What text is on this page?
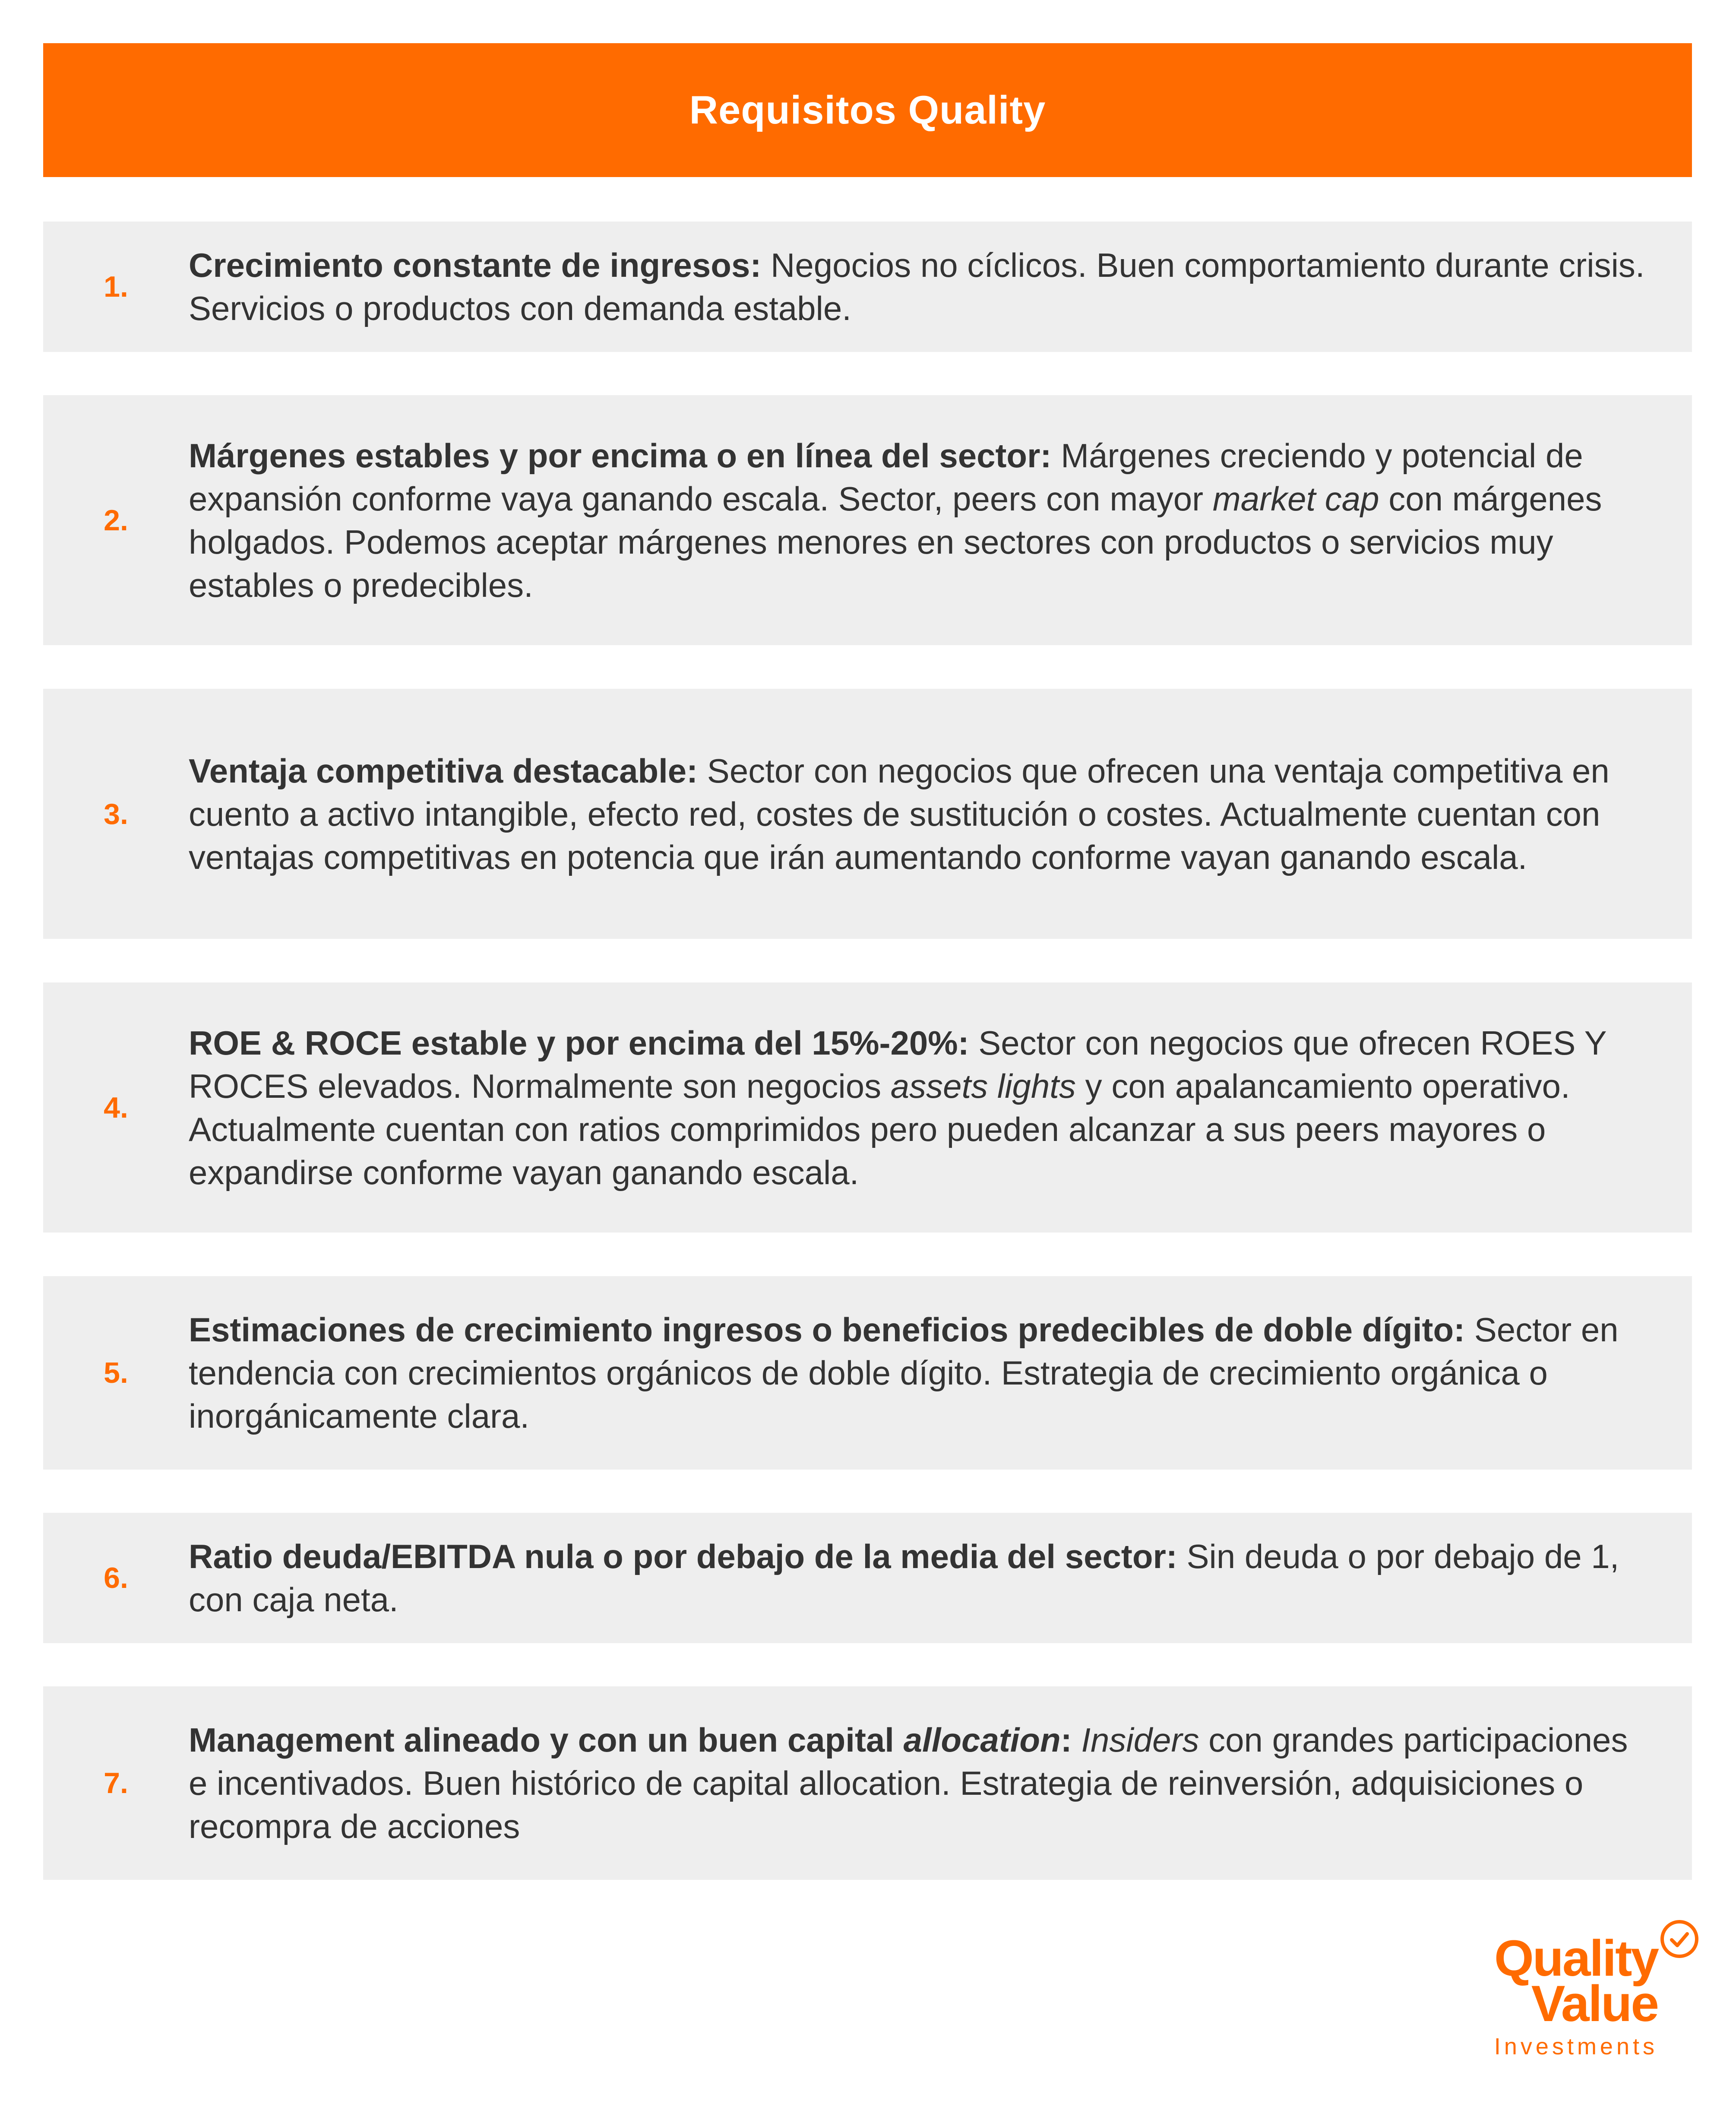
Requisitos Quality
1.
Crecimiento constante de ingresos: Negocios no cíclicos. Buen comportamiento durante crisis. Servicios o productos con demanda estable.
2.
Márgenes estables y por encima o en línea del sector: Márgenes creciendo y potencial de expansión conforme vaya ganando escala. Sector, peers con mayor market cap con márgenes holgados. Podemos aceptar márgenes menores en sectores con productos o servicios muy estables o predecibles.
3.
Ventaja competitiva destacable: Sector con negocios que ofrecen una ventaja competitiva en cuento a activo intangible, efecto red, costes de sustitución o costes. Actualmente cuentan con ventajas competitivas en potencia que irán aumentando conforme vayan ganando escala.
4.
ROE & ROCE estable y por encima del 15%-20%: Sector con negocios que ofrecen ROES Y ROCES elevados. Normalmente son negocios assets lights y con apalancamiento operativo. Actualmente cuentan con ratios comprimidos pero pueden alcanzar a sus peers mayores o expandirse conforme vayan ganando escala.
5.
Estimaciones de crecimiento ingresos o beneficios predecibles de doble dígito: Sector en tendencia con crecimientos orgánicos de doble dígito. Estrategia de crecimiento orgánica o inorgánicamente clara.
6.
Ratio deuda/EBITDA nula o por debajo de la media del sector: Sin deuda o por debajo de 1, con caja neta.
7.
Management alineado y con un buen capital allocation: Insiders con grandes participaciones e incentivados. Buen histórico de capital allocation. Estrategia de reinversión, adquisiciones o recompra de acciones
Quality
Value
Investments
